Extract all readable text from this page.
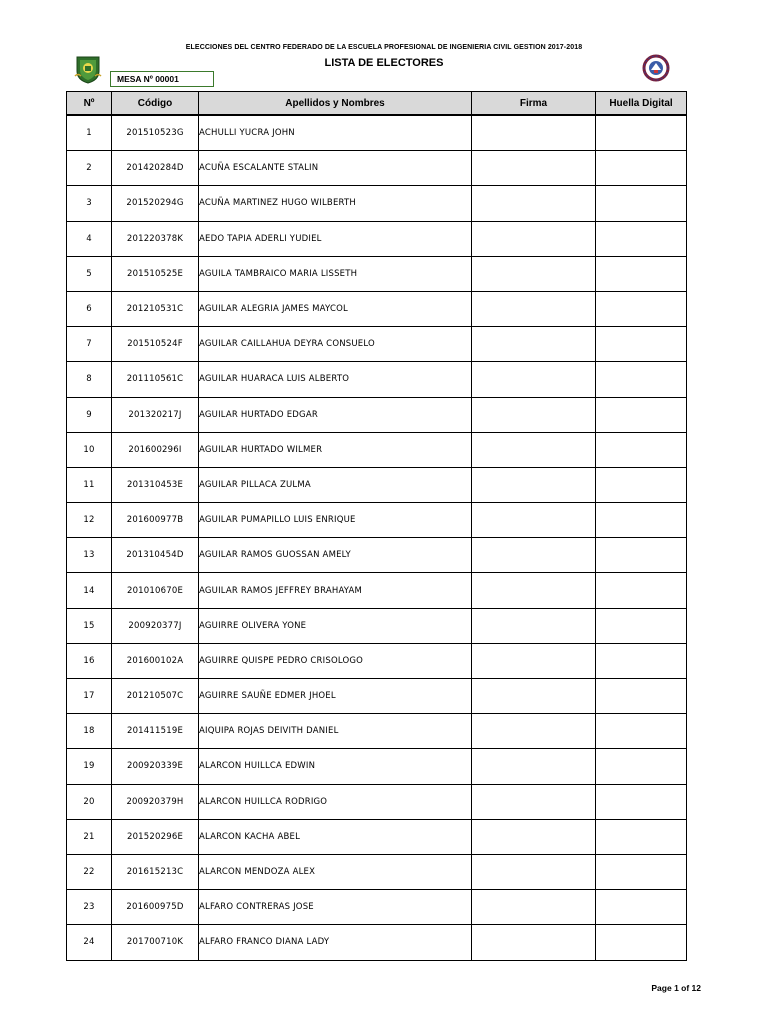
ELECCIONES DEL CENTRO FEDERADO DE LA ESCUELA PROFESIONAL DE INGENIERIA CIVIL GESTION 2017-2018
LISTA DE ELECTORES
MESA Nº 00001
Nº	Código	Apellidos y Nombres	Firma	Huella Digital
1	201510523G	ACHULLI YUCRA JOHN		
2	201420284D	ACUÑA ESCALANTE STALIN		
3	201520294G	ACUÑA MARTINEZ HUGO WILBERTH		
4	201220378K	AEDO TAPIA ADERLI YUDIEL		
5	201510525E	AGUILA TAMBRAICO MARIA LISSETH		
6	201210531C	AGUILAR ALEGRIA JAMES MAYCOL		
7	201510524F	AGUILAR CAILLAHUA DEYRA CONSUELO		
8	201110561C	AGUILAR HUARACA LUIS ALBERTO		
9	201320217J	AGUILAR HURTADO EDGAR		
10	201600296I	AGUILAR HURTADO WILMER		
11	201310453E	AGUILAR PILLACA ZULMA		
12	201600977B	AGUILAR PUMAPILLO LUIS ENRIQUE		
13	201310454D	AGUILAR RAMOS GUOSSAN AMELY		
14	201010670E	AGUILAR RAMOS JEFFREY BRAHAYAM		
15	200920377J	AGUIRRE OLIVERA YONE		
16	201600102A	AGUIRRE QUISPE PEDRO CRISOLOGO		
17	201210507C	AGUIRRE SAUÑE EDMER JHOEL		
18	201411519E	AIQUIPA ROJAS DEIVITH DANIEL		
19	200920339E	ALARCON HUILLCA EDWIN		
20	200920379H	ALARCON HUILLCA RODRIGO		
21	201520296E	ALARCON KACHA ABEL		
22	201615213C	ALARCON MENDOZA ALEX		
23	201600975D	ALFARO CONTRERAS JOSE		
24	201700710K	ALFARO FRANCO DIANA LADY		
Page 1 of 12
